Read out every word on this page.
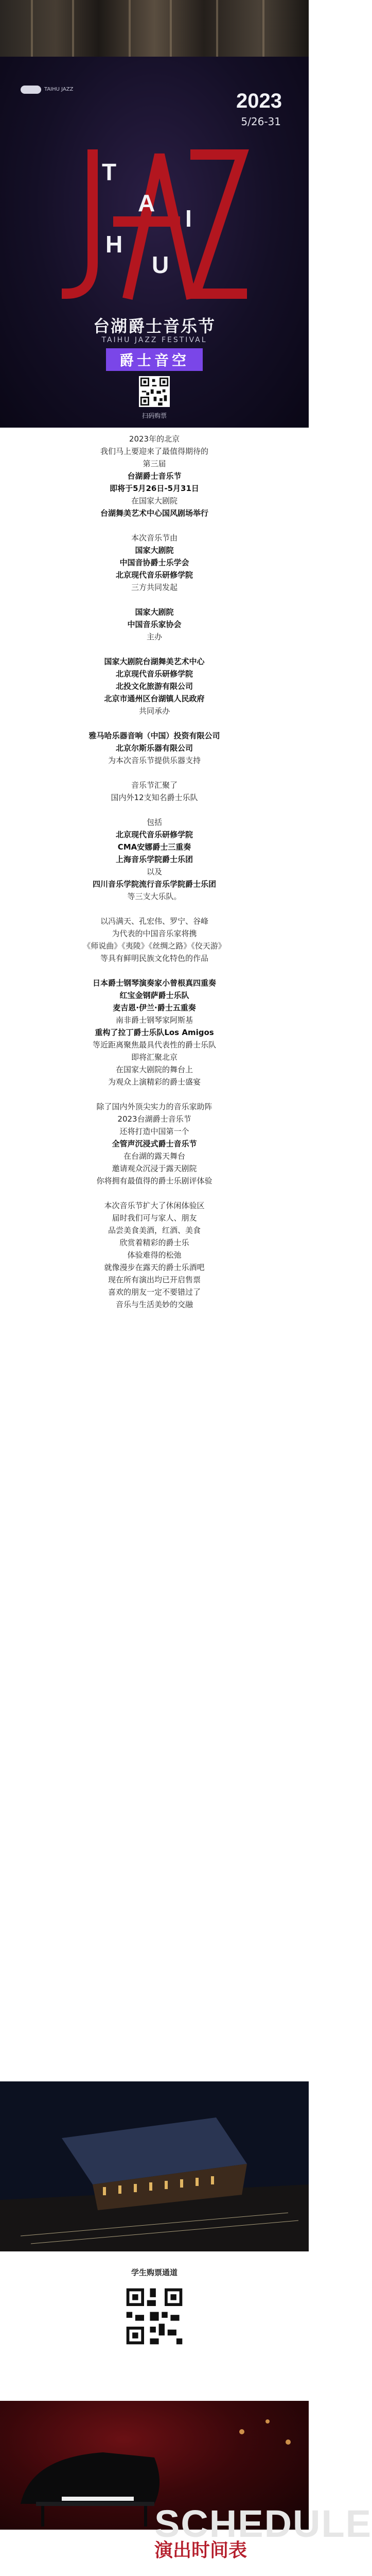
TAIHU JAZZ
2023
5/26-31
T
A
I
H
U
台湖爵士音乐节
TAIHU JAZZ FESTIVAL
爵士音空
扫码购票

2023年的北京

我们马上要迎来了最值得期待的

第三届

台湖爵士音乐节

即将于5月26日-5月31日

在国家大剧院

台湖舞美艺术中心国风剧场举行

本次音乐节由

国家大剧院

中国音协爵士乐学会

北京现代音乐研修学院

三方共同发起

国家大剧院

中国音乐家协会

主办

国家大剧院台湖舞美艺术中心

北京现代音乐研修学院

北投文化旅游有限公司

北京市通州区台湖镇人民政府

共同承办

雅马哈乐器音响（中国）投资有限公司

北京尔斯乐器有限公司

为本次音乐节提供乐器支持

音乐节汇聚了

国内外12支知名爵士乐队

包括

北京现代音乐研修学院

CMA安娜爵士三重奏

上海音乐学院爵士乐团

以及

四川音乐学院流行音乐学院爵士乐团

等三支大乐队。

以冯满天、孔宏伟、罗宁、谷峰

为代表的中国音乐家将携

《师说曲》《夷陵》《丝绸之路》《佼天游》

等具有鲜明民族文化特色的作品

日本爵士钢琴演奏家小曾根真四重奏

红宝金钢萨爵士乐队

麦吉恩·伊兰·爵士五重奏

南非爵士钢琴家阿斯基

重构了拉丁爵士乐队Los Amigos

等近距离聚焦最具代表性的爵士乐队

即将汇聚北京

在国家大剧院的舞台上

为观众上演精彩的爵士盛宴

除了国内外顶尖实力的音乐家助阵

2023台湖爵士音乐节

还将打造中国第一个

全管声沉浸式爵士音乐节

在台湖的露天舞台

邀请观众沉浸于露天剧院

你将拥有最值得的爵士乐剧评体验

本次音乐节扩大了休闲体验区

届时我们可与家人、朋友

品尝美食美酒，红酒、美食

欣赏着精彩的爵士乐

体验难得的松弛

就像漫步在露天的爵士乐酒吧

现在所有演出均已开启售票

喜欢的朋友一定不要错过了

音乐与生活美妙的交融

学生购票通道
SCHEDULE
演出时间表
